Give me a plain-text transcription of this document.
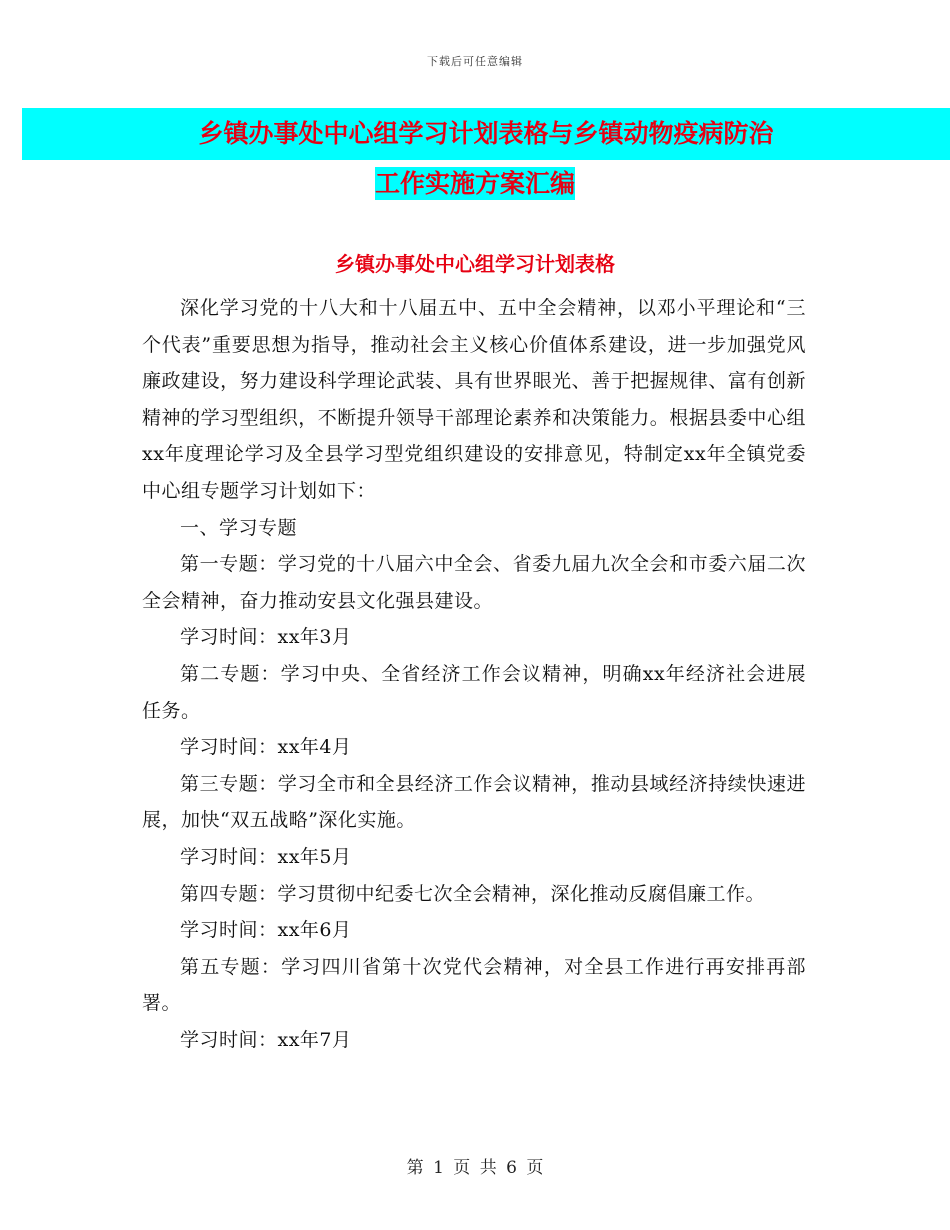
下载后可任意编辑
乡镇办事处中心组学习计划表格与乡镇动物疫病防治
工作实施方案汇编
乡镇办事处中心组学习计划表格

深化学习党的十八大和十八届五中、五中全会精神，以邓小平理论和“三个代表”重要思想为指导，推动社会主义核心价值体系建设，进一步加强党风廉政建设，努力建设科学理论武装、具有世界眼光、善于把握规律、富有创新精神的学习型组织，不断提升领导干部理论素养和决策能力。根据县委中心组xx年度理论学习及全县学习型党组织建设的安排意见，特制定xx年全镇党委中心组专题学习计划如下：

一、学习专题

第一专题：学习党的十八届六中全会、省委九届九次全会和市委六届二次全会精神，奋力推动安县文化强县建设。

学习时间：xx年3月

第二专题：学习中央、全省经济工作会议精神，明确xx年经济社会进展任务。

学习时间：xx年4月

第三专题：学习全市和全县经济工作会议精神，推动县域经济持续快速进展，加快“双五战略”深化实施。

学习时间：xx年5月

第四专题：学习贯彻中纪委七次全会精神，深化推动反腐倡廉工作。

学习时间：xx年6月

第五专题：学习四川省第十次党代会精神，对全县工作进行再安排再部署。

学习时间：xx年7月

第 1 页 共 6 页
